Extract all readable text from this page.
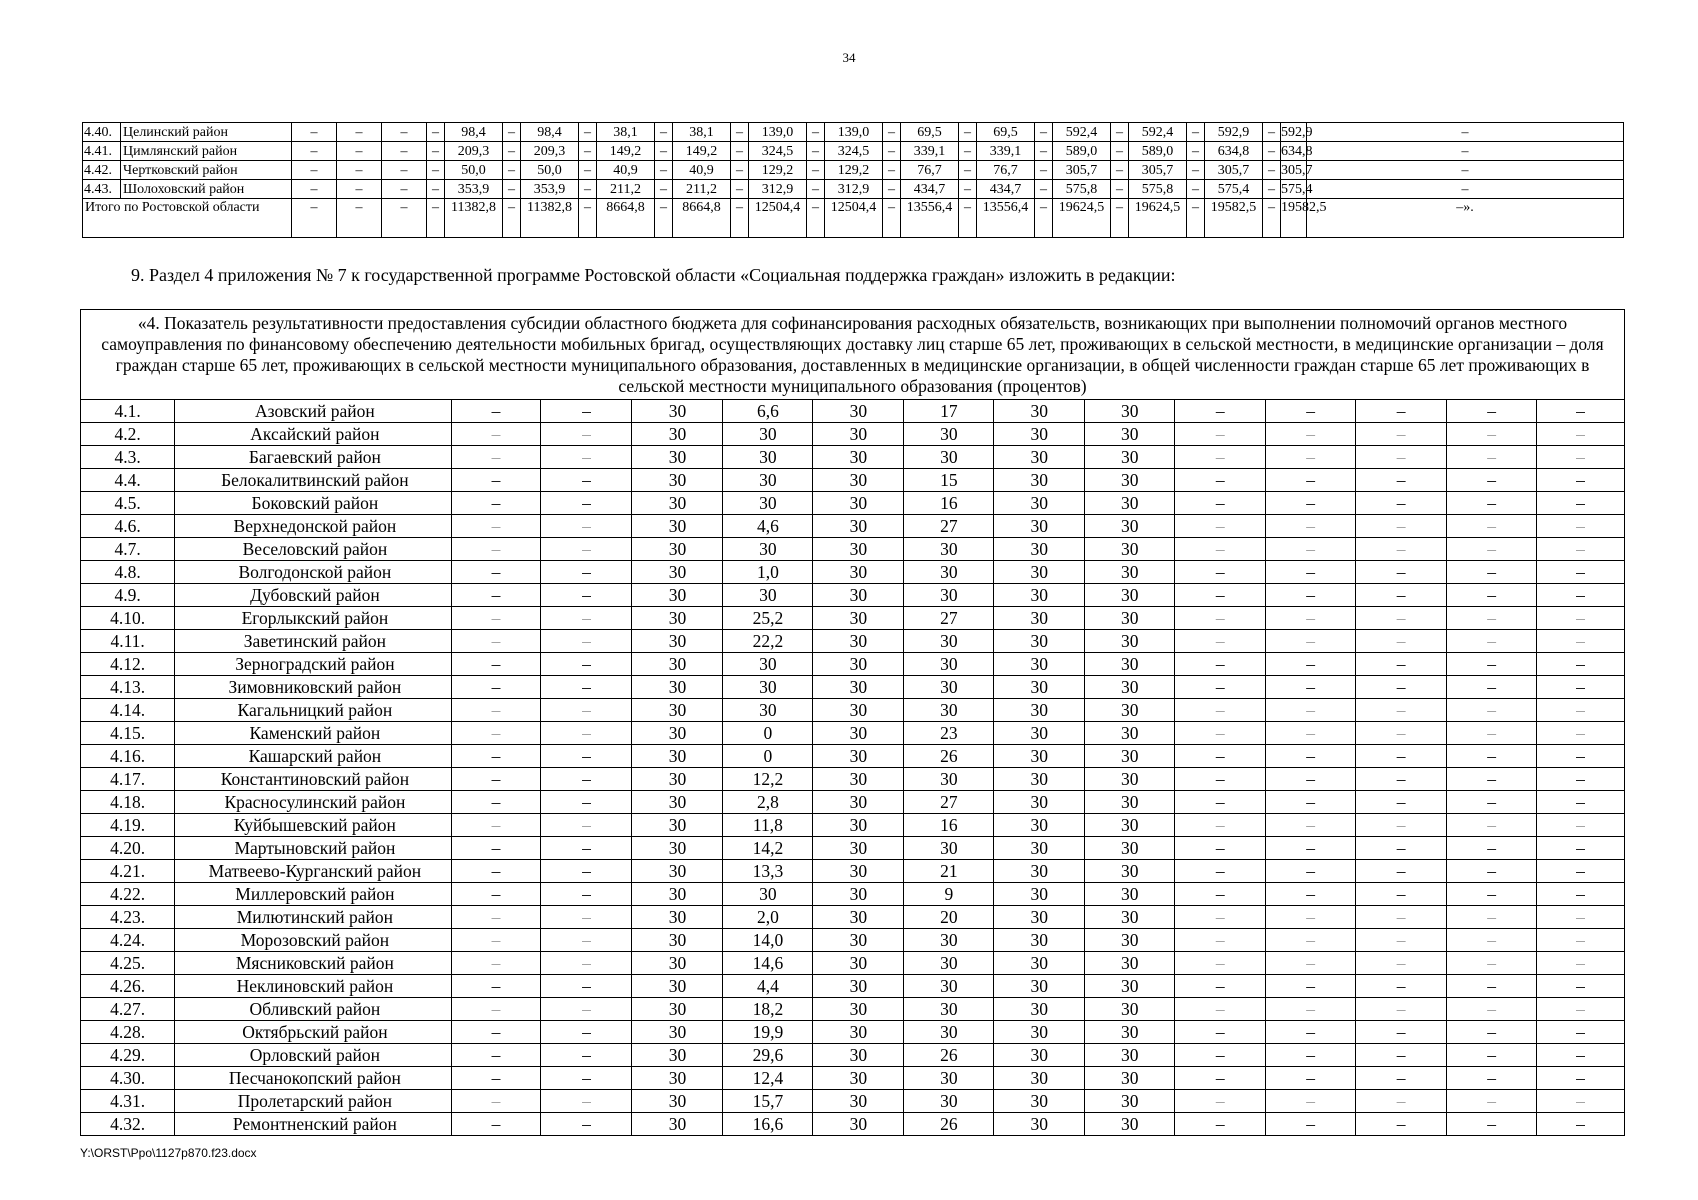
34
4.40.	Целинский район	–	–	–	–	98,4	–	98,4	–	38,1	–	38,1	–	139,0	–	139,0	–	69,5	–	69,5	–	592,4	–	592,4	–	592,9	–	592,9	–
4.41.	Цимлянский район	–	–	–	–	209,3	–	209,3	–	149,2	–	149,2	–	324,5	–	324,5	–	339,1	–	339,1	–	589,0	–	589,0	–	634,8	–	634,8	–
4.42.	Чертковский район	–	–	–	–	50,0	–	50,0	–	40,9	–	40,9	–	129,2	–	129,2	–	76,7	–	76,7	–	305,7	–	305,7	–	305,7	–	305,7	–
4.43.	Шолоховский район	–	–	–	–	353,9	–	353,9	–	211,2	–	211,2	–	312,9	–	312,9	–	434,7	–	434,7	–	575,8	–	575,8	–	575,4	–	575,4	–
Итого по Ростовской области		–	–	–	–	11382,8	–	11382,8	–	8664,8	–	8664,8	–	12504,4	–	12504,4	–	13556,4	–	13556,4	–	19624,5	–	19624,5	–	19582,5	–	19582,5	–».
9. Раздел 4 приложения № 7 к государственной программе Ростовской области «Социальная поддержка граждан» изложить в редакции:
«4. Показатель результативности предоставления субсидии областного бюджета для софинансирования расходных обязательств, возникающих при выполнении полномочий органов местного самоуправления по финансовому обеспечению деятельности мобильных бригад, осуществляющих доставку лиц старше 65 лет, проживающих в сельской местности, в медицинские организации – доля граждан старше 65 лет, проживающих в сельской местности муниципального образования, доставленных в медицинские организации, в общей численности граждан старше 65 лет проживающих в сельской местности муниципального образования (процентов)														
4.1.	Азовский район	–	–	30	6,6	30	17	30	30	–	–	–	–	–
4.2.	Аксайский район	–	–	30	30	30	30	30	30	–	–	–	–	–
4.3.	Багаевский район	–	–	30	30	30	30	30	30	–	–	–	–	–
4.4.	Белокалитвинский район	–	–	30	30	30	15	30	30	–	–	–	–	–
4.5.	Боковский район	–	–	30	30	30	16	30	30	–	–	–	–	–
4.6.	Верхнедонской район	–	–	30	4,6	30	27	30	30	–	–	–	–	–
4.7.	Веселовский район	–	–	30	30	30	30	30	30	–	–	–	–	–
4.8.	Волгодонской район	–	–	30	1,0	30	30	30	30	–	–	–	–	–
4.9.	Дубовский район	–	–	30	30	30	30	30	30	–	–	–	–	–
4.10.	Егорлыкский район	–	–	30	25,2	30	27	30	30	–	–	–	–	–
4.11.	Заветинский район	–	–	30	22,2	30	30	30	30	–	–	–	–	–
4.12.	Зерноградский район	–	–	30	30	30	30	30	30	–	–	–	–	–
4.13.	Зимовниковский район	–	–	30	30	30	30	30	30	–	–	–	–	–
4.14.	Кагальницкий район	–	–	30	30	30	30	30	30	–	–	–	–	–
4.15.	Каменский район	–	–	30	0	30	23	30	30	–	–	–	–	–
4.16.	Кашарский район	–	–	30	0	30	26	30	30	–	–	–	–	–
4.17.	Константиновский район	–	–	30	12,2	30	30	30	30	–	–	–	–	–
4.18.	Красносулинский район	–	–	30	2,8	30	27	30	30	–	–	–	–	–
4.19.	Куйбышевский район	–	–	30	11,8	30	16	30	30	–	–	–	–	–
4.20.	Мартыновский район	–	–	30	14,2	30	30	30	30	–	–	–	–	–
4.21.	Матвеево-Курганский район	–	–	30	13,3	30	21	30	30	–	–	–	–	–
4.22.	Миллеровский район	–	–	30	30	30	9	30	30	–	–	–	–	–
4.23.	Милютинский район	–	–	30	2,0	30	20	30	30	–	–	–	–	–
4.24.	Морозовский район	–	–	30	14,0	30	30	30	30	–	–	–	–	–
4.25.	Мясниковский район	–	–	30	14,6	30	30	30	30	–	–	–	–	–
4.26.	Неклиновский район	–	–	30	4,4	30	30	30	30	–	–	–	–	–
4.27.	Обливский район	–	–	30	18,2	30	30	30	30	–	–	–	–	–
4.28.	Октябрьский район	–	–	30	19,9	30	30	30	30	–	–	–	–	–
4.29.	Орловский район	–	–	30	29,6	30	26	30	30	–	–	–	–	–
4.30.	Песчанокопский район	–	–	30	12,4	30	30	30	30	–	–	–	–	–
4.31.	Пролетарский район	–	–	30	15,7	30	30	30	30	–	–	–	–	–
4.32.	Ремонтненский район	–	–	30	16,6	30	26	30	30	–	–	–	–	–
Y:\ORST\Ppo\1127p870.f23.docx
